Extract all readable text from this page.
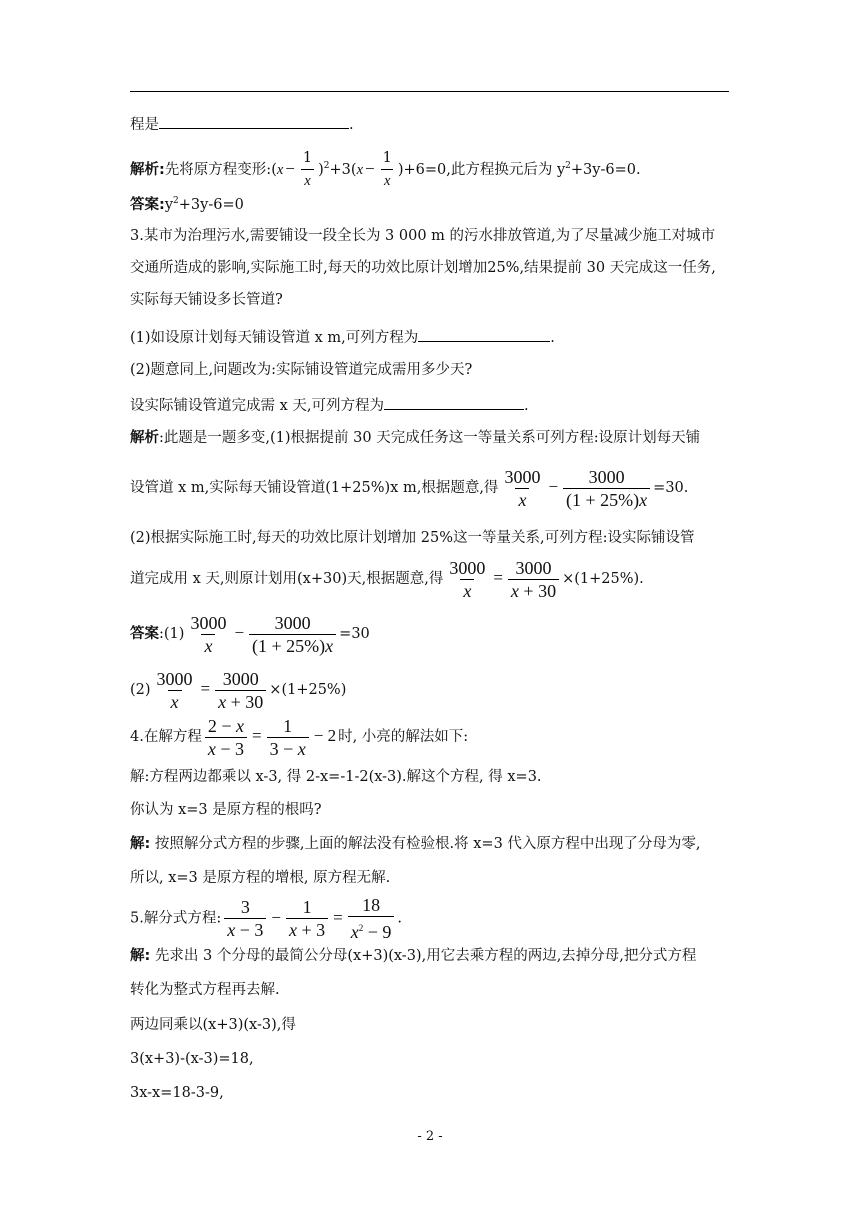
程是	.
解析:先将原方程变形:(x − $\frac{1}{x} )^2+3(x - \frac{1}{x} )+6=0$,此方程换元后为 $y^2+3y-6=0$.
答案$:y^2+3y-6=0$
3.某市为治理污水,需要铺设一段全长为 3 000 m 的污水排放管道,为了尽量减少施工对城市
交通所造成的影响,实际施工时,每天的功效比原计划增加25%,结果提前 30 天完成这一任务,
实际每天铺设多长管道?
(1)如设原计划每天铺设管道 x m,可列方程为	.
(2)题意同上,问题改为:实际铺设管道完成需用多少天?
设实际铺设管道完成需 x 天,可列方程为	.
解析:此题是一题多变,(1)根据提前 30 天完成任务这一等量关系可列方程:设原计划每天铺
设管道 x m,实际每天铺设管道(1+25%)x m,根据题意,得 $\frac{3000}{x} - \frac{3000}{(1 + 25\%)x} =30$.
(2)根据实际施工时,每天的功效比原计划增加 25%这一等量关系,可列方程:设实际铺设管
道完成用 x 天,则原计划用(x+30)天,根据题意,得 $\frac{3000}{x} = \frac{3000}{x + 30} \times(1+25\%)$.
答案:(1) $\frac{3000}{x} - \frac{3000}{(1 + 25\%)x} =30$
$(2) \frac{3000}{x} = \frac{3000}{x + 30} \times(1+25\%)$
4.在解方程 $\frac{2 - x}{x - 3} = \frac{1}{3 - x} - 2$ 时, 小亮的解法如下:
解:方程两边都乘以 x-3, 得 2-x=-1-2(x-3).解这个方程, 得 x=3.
你认为 x=3 是原方程的根吗?
解: 按照解分式方程的步骤,上面的解法没有检验根.将 x=3 代入原方程中出现了分母为零,
所以, x=3 是原方程的增根, 原方程无解.
5.解分式方程: $\frac{3}{x - 3} - \frac{1}{x + 3} = \frac{18}{x^2 - 9}$ .
解: 先求出 3 个分母的最简公分母(x+3)(x-3),用它去乘方程的两边,去掉分母,把分式方程
转化为整式方程再去解.
两边同乘以(x+3)(x-3),得
3(x+3)-(x-3)=18,
3x-x=18-3-9,
- 2 -
